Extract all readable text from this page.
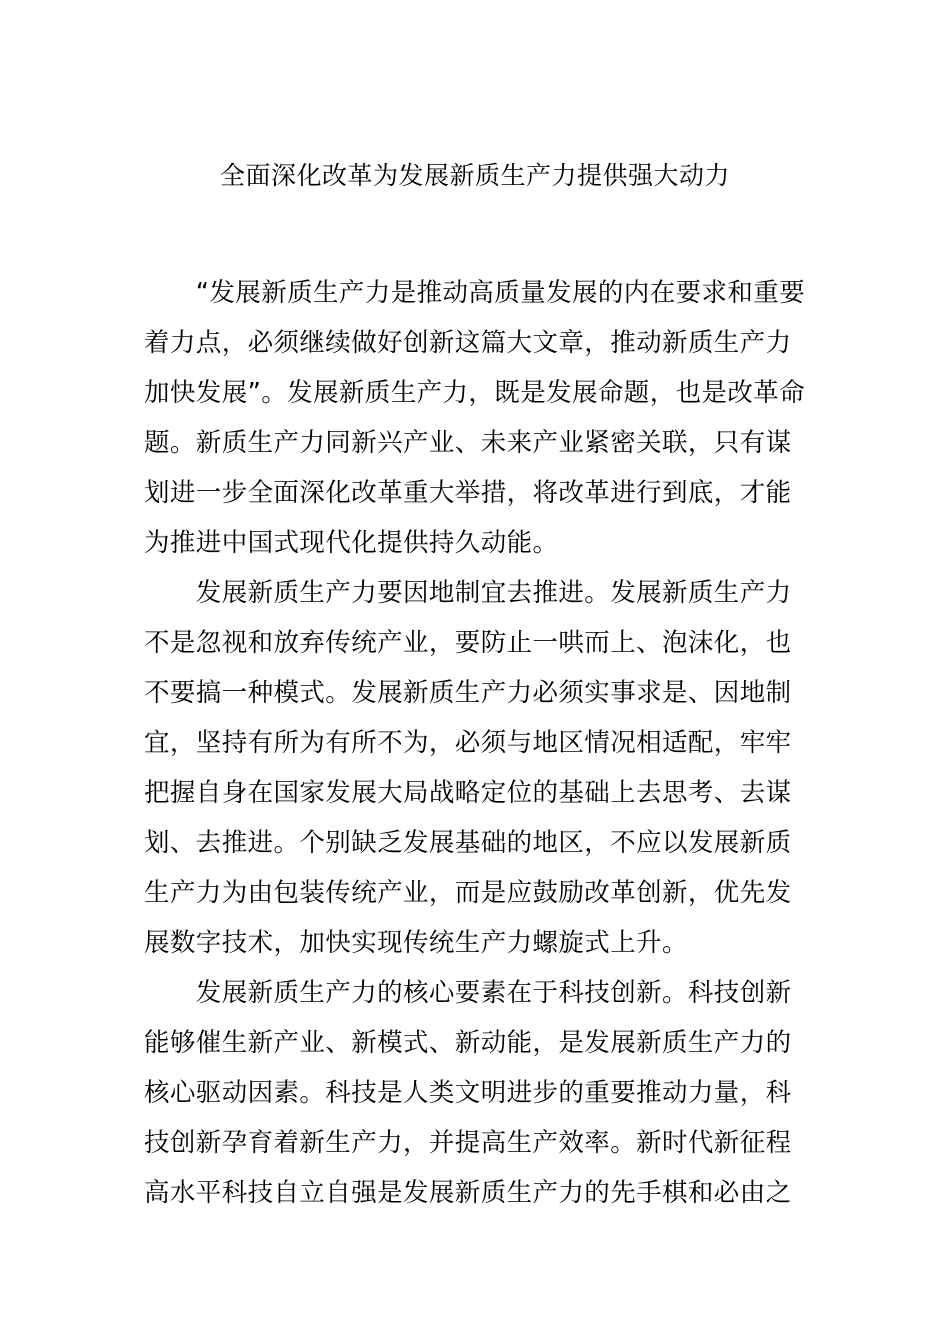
全面深化改革为发展新质生产力提供强大动力
　　“发展新质生产力是推动高质量发展的内在要求和重要
着力点，必须继续做好创新这篇大文章，推动新质生产力
加快发展”。发展新质生产力，既是发展命题，也是改革命
题。新质生产力同新兴产业、未来产业紧密关联，只有谋
划进一步全面深化改革重大举措，将改革进行到底，才能
为推进中国式现代化提供持久动能。
　　发展新质生产力要因地制宜去推进。发展新质生产力
不是忽视和放弃传统产业，要防止一哄而上、泡沫化，也
不要搞一种模式。发展新质生产力必须实事求是、因地制
宜，坚持有所为有所不为，必须与地区情况相适配，牢牢
把握自身在国家发展大局战略定位的基础上去思考、去谋
划、去推进。个别缺乏发展基础的地区，不应以发展新质
生产力为由包装传统产业，而是应鼓励改革创新，优先发
展数字技术，加快实现传统生产力螺旋式上升。
　　发展新质生产力的核心要素在于科技创新。科技创新
能够催生新产业、新模式、新动能，是发展新质生产力的
核心驱动因素。科技是人类文明进步的重要推动力量，科
技创新孕育着新生产力，并提高生产效率。新时代新征程
高水平科技自立自强是发展新质生产力的先手棋和必由之
